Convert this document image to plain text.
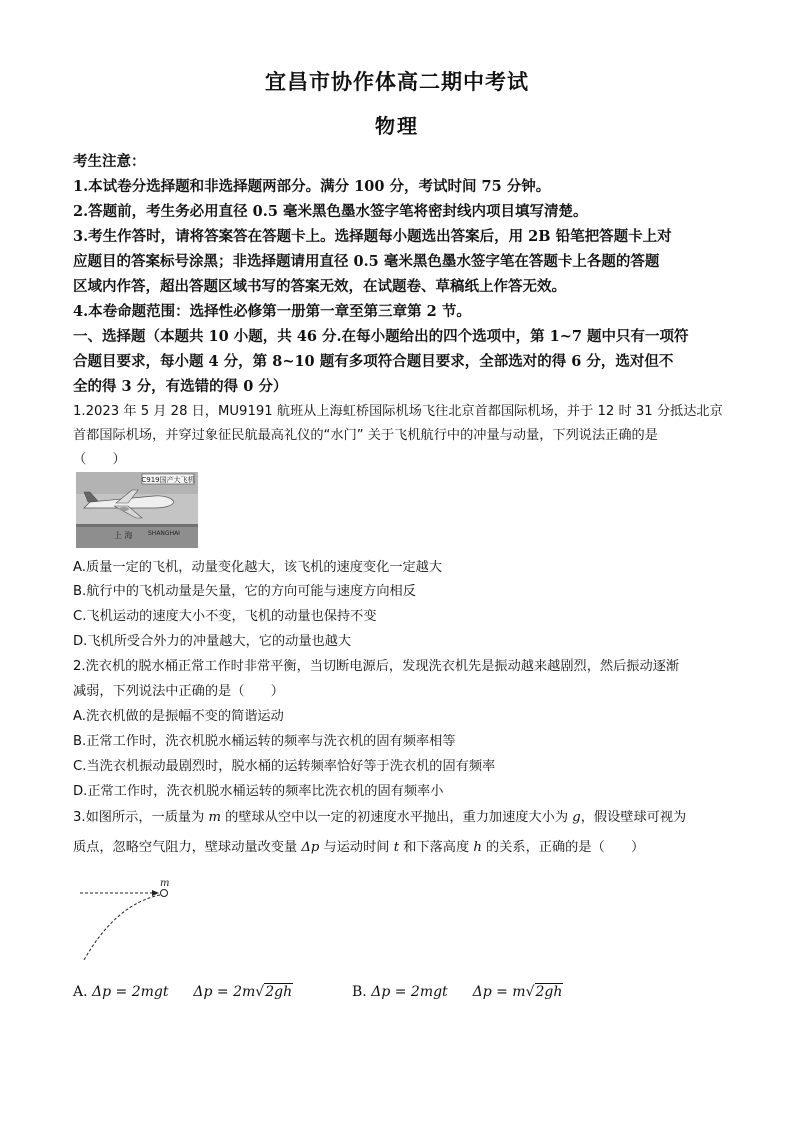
宜昌市协作体高二期中考试
物理
考生注意：
1.本试卷分选择题和非选择题两部分。满分 100 分，考试时间 75 分钟。
2.答题前，考生务必用直径 0.5 毫米黑色墨水签字笔将密封线内项目填写清楚。
3.考生作答时，请将答案答在答题卡上。选择题每小题选出答案后，用 2B 铅笔把答题卡上对
应题目的答案标号涂黑；非选择题请用直径 0.5 毫米黑色墨水签字笔在答题卡上各题的答题
区域内作答，超出答题区域书写的答案无效，在试题卷、草稿纸上作答无效。
4.本卷命题范围：选择性必修第一册第一章至第三章第 2 节。
一、选择题（本题共 10 小题，共 46 分.在每小题给出的四个选项中，第 1~7 题中只有一项符
合题目要求，每小题 4 分，第 8~10 题有多项符合题目要求，全部选对的得 6 分，选对但不
全的得 3 分，有选错的得 0 分）
1.2023 年 5 月 28 日，MU9191 航班从上海虹桥国际机场飞往北京首都国际机场，并于 12 时 31 分抵达北京
首都国际机场，并穿过象征民航最高礼仪的“水门” 关于飞机航行中的冲量与动量，下列说法正确的是
（　　）
C919国产大飞机
上 海	SHANGHAI
A.质量一定的飞机，动量变化越大，该飞机的速度变化一定越大
B.航行中的飞机动量是矢量，它的方向可能与速度方向相反
C.飞机运动的速度大小不变，飞机的动量也保持不变
D.飞机所受合外力的冲量越大，它的动量也越大
2.洗衣机的脱水桶正常工作时非常平衡，当切断电源后，发现洗衣机先是振动越来越剧烈，然后振动逐渐
减弱，下列说法中正确的是（　　）
A.洗衣机做的是振幅不变的简谐运动
B.正常工作时，洗衣机脱水桶运转的频率与洗衣机的固有频率相等
C.当洗衣机振动最剧烈时，脱水桶的运转频率恰好等于洗衣机的固有频率
D.正常工作时，洗衣机脱水桶运转的频率比洗衣机的固有频率小
3.如图所示，一质量为 m 的壁球从空中以一定的初速度水平抛出，重力加速度大小为 g，假设壁球可视为
质点，忽略空气阻力，壁球动量改变量 Δp 与运动时间 t 和下落高度 h 的关系，正确的是（　　）
m
A. Δp = 2mgt Δp = 2m√2gh	B. Δp = 2mgt Δp = m√2gh
